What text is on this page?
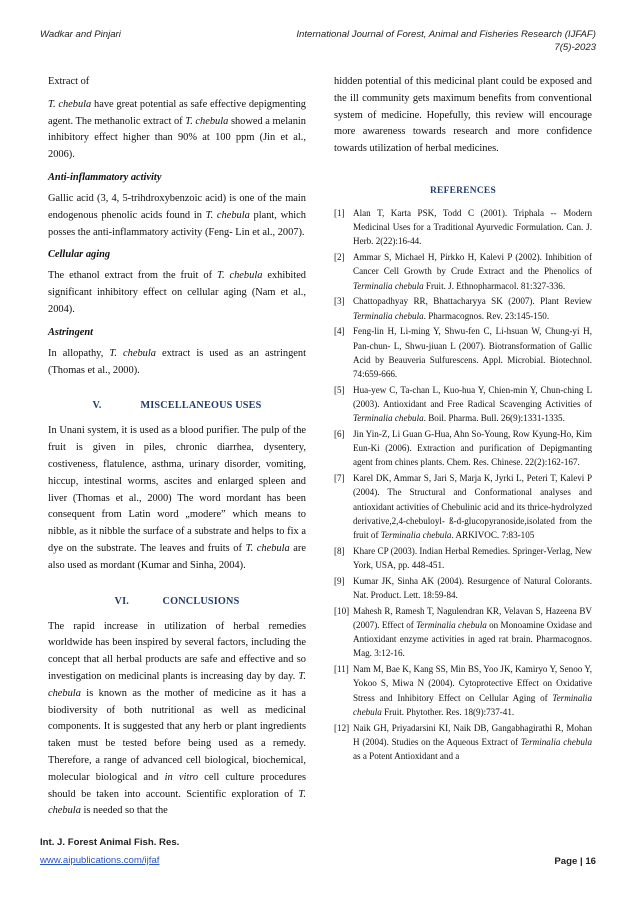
Wadkar and Pinjari	International Journal of Forest, Animal and Fisheries Research (IJFAF)
7(5)-2023

Extract of

T. chebula have great potential as safe effective depigmenting agent. The methanolic extract of T. chebula showed a melanin inhibitory effect higher than 90% at 100 ppm (Jin et al., 2006).

Anti-inflammatory activity

Gallic acid (3, 4, 5-trihdroxybenzoic acid) is one of the main endogenous phenolic acids found in T. chebula plant, which posses the anti-inflammatory activity (Feng- Lin et al., 2007).

Cellular aging

The ethanol extract from the fruit of T. chebula exhibited significant inhibitory effect on cellular aging (Nam et al., 2004).

Astringent

In allopathy, T. chebula extract is used as an astringent (Thomas et al., 2000).

V.	MISCELLANEOUS USES

In Unani system, it is used as a blood purifier. The pulp of the fruit is given in piles, chronic diarrhea, dysentery, costiveness, flatulence, asthma, urinary disorder, vomiting, hiccup, intestinal worms, ascites and enlarged spleen and liver (Thomas et al., 2000) The word mordant has been consequent from Latin word „modere” which means to nibble, as it nibble the surface of a substrate and helps to fix a dye on the substrate. The leaves and fruits of T. chebula are also used as mordant (Kumar and Sinha, 2004).

VI.	CONCLUSIONS

The rapid increase in utilization of herbal remedies worldwide has been inspired by several factors, including the concept that all herbal products are safe and effective and so investigation on medicinal plants is increasing day by day. T. chebula is known as the mother of medicine as it has a biodiversity of both nutritional as well as medicinal components. It is suggested that any herb or plant ingredients taken must be tested before being used as a remedy. Therefore, a range of advanced cell biological, biochemical, molecular biological and in vitro cell culture procedures should be taken into account. Scientific exploration of T. chebula is needed so that the

hidden potential of this medicinal plant could be exposed and the ill community gets maximum benefits from conventional system of medicine. Hopefully, this review will encourage more awareness towards research and more confidence towards utilization of herbal medicines.

REFERENCES
[1] Alan T, Karta PSK, Todd C (2001). Triphala -- Modern Medicinal Uses for a Traditional Ayurvedic Formulation. Can. J. Herb. 2(22):16-44.
[2] Ammar S, Michael H, Pirkko H, Kalevi P (2002). Inhibition of Cancer Cell Growth by Crude Extract and the Phenolics of Terminalia chebula Fruit. J. Ethnopharmacol. 81:327-336.
[3] Chattopadhyay RR, Bhattacharyya SK (2007). Plant Review Terminalia chebula. Pharmacognos. Rev. 23:145-150.
[4] Feng-lin H, Li-ming Y, Shwu-fen C, Li-hsuan W, Chung-yi H, Pan-chun- L, Shwu-jiuan L (2007). Biotransformation of Gallic Acid by Beauveria Sulfurescens. Appl. Microbial. Biotechnol. 74:659-666.
[5] Hua-yew C, Ta-chan L, Kuo-hua Y, Chien-min Y, Chun-ching L (2003). Antioxidant and Free Radical Scavenging Activities of Terminalia chebula. Boil. Pharma. Bull. 26(9):1331-1335.
[6] Jin Yin-Z, Li Guan G-Hua, Ahn So-Young, Row Kyung-Ho, Kim Eun-Ki (2006). Extraction and purification of Depigmanting agent from chines plants. Chem. Res. Chinese. 22(2):162-167.
[7] Karel DK, Ammar S, Jari S, Marja K, Jyrki L, Peteri T, Kalevi P (2004). The Structural and Conformational analyses and antioxidant activities of Chebulinic acid and its thrice-hydrolyzed derivative,2,4-chebuloyl- ß-d-glucopyranoside,isolated from the fruit of Terminalia chebula. ARKIVOC. 7:83-105
[8] Khare CP (2003). Indian Herbal Remedies. Springer-Verlag, New York, USA, pp. 448-451.
[9] Kumar JK, Sinha AK (2004). Resurgence of Natural Colorants. Nat. Product. Lett. 18:59-84.
[10] Mahesh R, Ramesh T, Nagulendran KR, Velavan S, Hazeena BV (2007). Effect of Terminalia chebula on Monoamine Oxidase and Antioxidant enzyme activities in aged rat brain. Pharmacognos. Mag. 3:12-16.
[11] Nam M, Bae K, Kang SS, Min BS, Yoo JK, Kamiryo Y, Senoo Y, Yokoo S, Miwa N (2004). Cytoprotective Effect on Oxidative Stress and Inhibitory Effect on Cellular Aging of Terminalia chebula Fruit. Phytother. Res. 18(9):737-41.
[12] Naik GH, Priyadarsini KI, Naik DB, Gangabhagirathi R, Mohan H (2004). Studies on the Aqueous Extract of Terminalia chebula as a Potent Antioxidant and a
Int. J. Forest Animal Fish. Res.
www.aipublications.com/ijfaf	Page | 16
